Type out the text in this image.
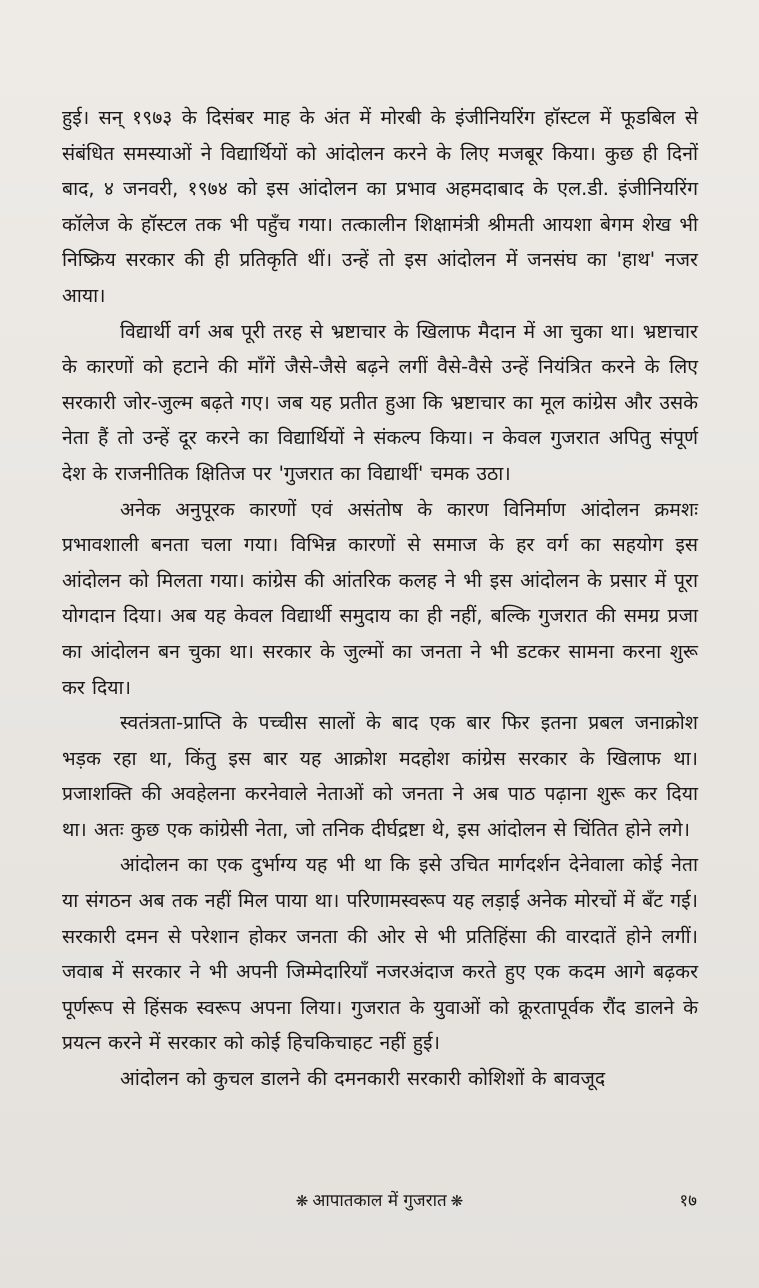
हुई। सन् १९७३ के दिसंबर माह के अंत में मोरबी के इंजीनियरिंग हॉस्टल में फूडबिल से संबंधित समस्याओं ने विद्यार्थियों को आंदोलन करने के लिए मजबूर किया। कुछ ही दिनों बाद, ४ जनवरी, १९७४ को इस आंदोलन का प्रभाव अहमदाबाद के एल.डी. इंजीनियरिंग कॉलेज के हॉस्टल तक भी पहुँच गया। तत्कालीन शिक्षामंत्री श्रीमती आयशा बेगम शेख भी निष्क्रिय सरकार की ही प्रतिकृति थीं। उन्हें तो इस आंदोलन में जनसंघ का 'हाथ' नजर आया।

विद्यार्थी वर्ग अब पूरी तरह से भ्रष्टाचार के खिलाफ मैदान में आ चुका था। भ्रष्टाचार के कारणों को हटाने की माँगें जैसे-जैसे बढ़ने लगीं वैसे-वैसे उन्हें नियंत्रित करने के लिए सरकारी जोर-जुल्म बढ़ते गए। जब यह प्रतीत हुआ कि भ्रष्टाचार का मूल कांग्रेस और उसके नेता हैं तो उन्हें दूर करने का विद्यार्थियों ने संकल्प किया। न केवल गुजरात अपितु संपूर्ण देश के राजनीतिक क्षितिज पर 'गुजरात का विद्यार्थी' चमक उठा।

अनेक अनुपूरक कारणों एवं असंतोष के कारण विनिर्माण आंदोलन क्रमशः प्रभावशाली बनता चला गया। विभिन्न कारणों से समाज के हर वर्ग का सहयोग इस आंदोलन को मिलता गया। कांग्रेस की आंतरिक कलह ने भी इस आंदोलन के प्रसार में पूरा योगदान दिया। अब यह केवल विद्यार्थी समुदाय का ही नहीं, बल्कि गुजरात की समग्र प्रजा का आंदोलन बन चुका था। सरकार के जुल्मों का जनता ने भी डटकर सामना करना शुरू कर दिया।

स्वतंत्रता-प्राप्ति के पच्चीस सालों के बाद एक बार फिर इतना प्रबल जनाक्रोश भड़क रहा था, किंतु इस बार यह आक्रोश मदहोश कांग्रेस सरकार के खिलाफ था। प्रजाशक्ति की अवहेलना करनेवाले नेताओं को जनता ने अब पाठ पढ़ाना शुरू कर दिया था। अतः कुछ एक कांग्रेसी नेता, जो तनिक दीर्घद्रष्टा थे, इस आंदोलन से चिंतित होने लगे।

आंदोलन का एक दुर्भाग्य यह भी था कि इसे उचित मार्गदर्शन देनेवाला कोई नेता या संगठन अब तक नहीं मिल पाया था। परिणामस्वरूप यह लड़ाई अनेक मोरचों में बँट गई। सरकारी दमन से परेशान होकर जनता की ओर से भी प्रतिहिंसा की वारदातें होने लगीं। जवाब में सरकार ने भी अपनी जिम्मेदारियाँ नजरअंदाज करते हुए एक कदम आगे बढ़कर पूर्णरूप से हिंसक स्वरूप अपना लिया। गुजरात के युवाओं को क्रूरतापूर्वक रौंद डालने के प्रयत्न करने में सरकार को कोई हिचकिचाहट नहीं हुई।

आंदोलन को कुचल डालने की दमनकारी सरकारी कोशिशों के बावजूद

❋ आपातकाल में गुजरात ❋	१७
